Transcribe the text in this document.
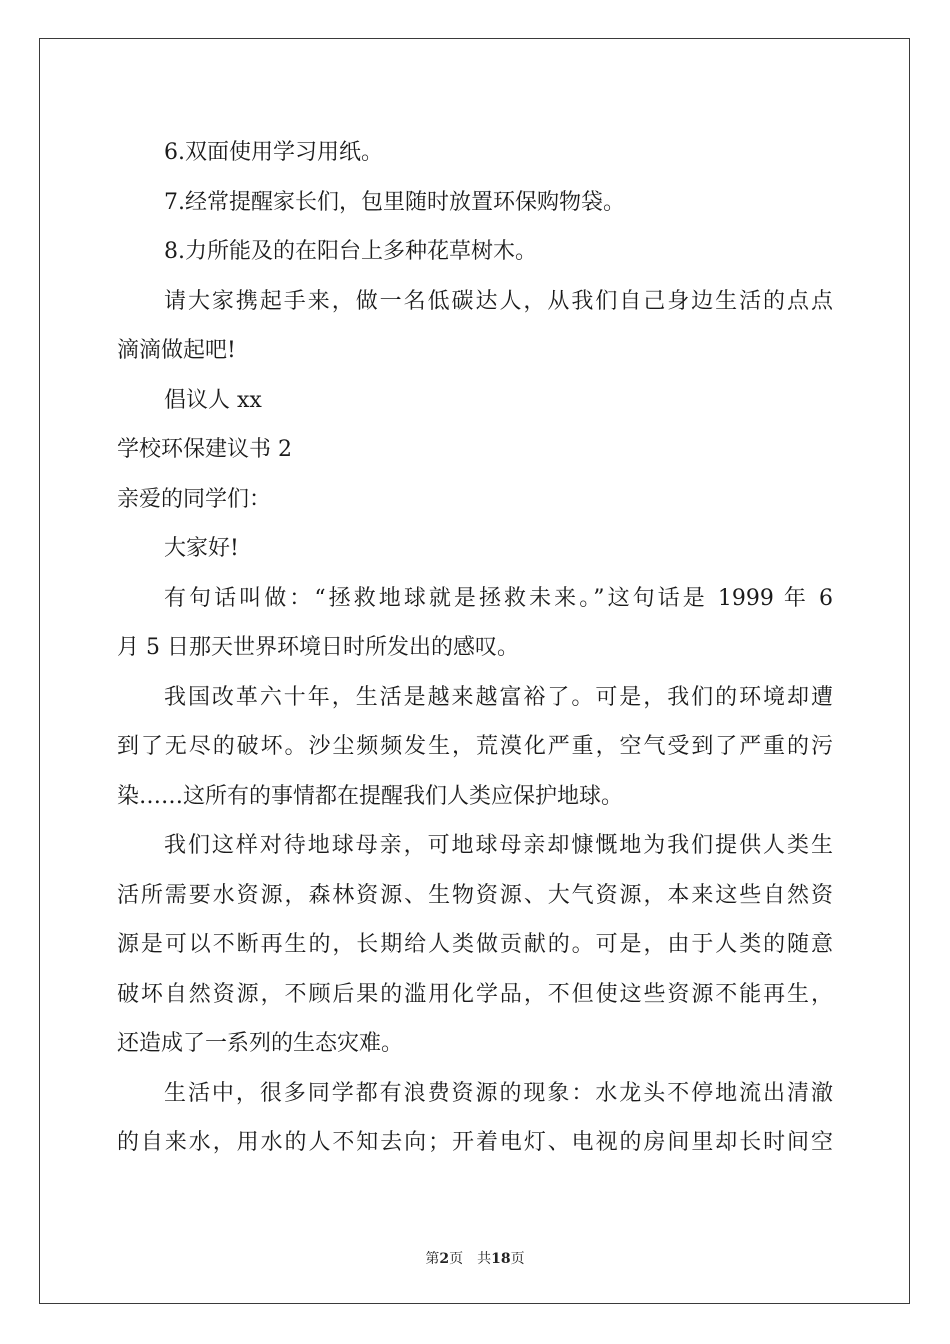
6.双面使用学习用纸。

7.经常提醒家长们，包里随时放置环保购物袋。

8.力所能及的在阳台上多种花草树木。

请大家携起手来，做一名低碳达人，从我们自己身边生活的点点

滴滴做起吧!

倡议人 xx

学校环保建议书 2

亲爱的同学们：

大家好!

有句话叫做：“拯救地球就是拯救未来。”这句话是 1999 年 6

月 5 日那天世界环境日时所发出的感叹。

我国改革六十年，生活是越来越富裕了。可是，我们的环境却遭

到了无尽的破坏。沙尘频频发生，荒漠化严重，空气受到了严重的污

染……这所有的事情都在提醒我们人类应保护地球。

我们这样对待地球母亲，可地球母亲却慷慨地为我们提供人类生

活所需要水资源，森林资源、生物资源、大气资源，本来这些自然资

源是可以不断再生的，长期给人类做贡献的。可是，由于人类的随意

破坏自然资源，不顾后果的滥用化学品，不但使这些资源不能再生，

还造成了一系列的生态灾难。

生活中，很多同学都有浪费资源的现象：水龙头不停地流出清澈

的自来水，用水的人不知去向；开着电灯、电视的房间里却长时间空

第2页 共18页
